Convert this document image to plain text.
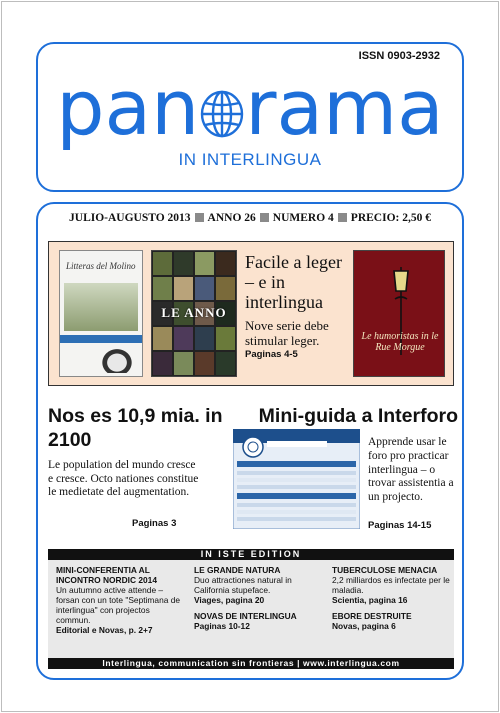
ISSN 0903-2932
pan rama
IN INTERLINGUA
JULIO-AUGUSTO 2013 ANNO 26 NUMERO 4 PRECIO: 2,50 €
Litteras del Molino
LE ANNO
Facile a leger – e in interlingua
Nove serie debe stimular leger.
Paginas 4-5
Le humoristas in le Rue Morgue
Nos es 10,9 mia. in 2100
Le population del mundo cresce e cresce. Octo nationes constitue le medietate del augmentation.
Paginas 3
Mini-guida a Interforo
Apprende usar le foro pro practicar interlingua – o trovar assistentia a un projecto.
Paginas 14-15
IN ISTE EDITION
MINI-CONFERENTIA AL INCONTRO NORDIC 2014
Un autumno active attende – forsan con un tote "Septimana de interlingua" con projectos commun.
Editorial e Novas, p. 2+7
LE GRANDE NATURA
Duo attractiones natural in California stupefacе.
Viages, pagina 20
NOVAS DE INTERLINGUA
Paginas 10-12
TUBERCULOSE MENACIA
2,2 milliardos es infectate per le maladia.
Scientia, pagina 16
EBORE DESTRUITE
Novas, pagina 6
Interlingua, communication sin frontieras | www.interlingua.com
